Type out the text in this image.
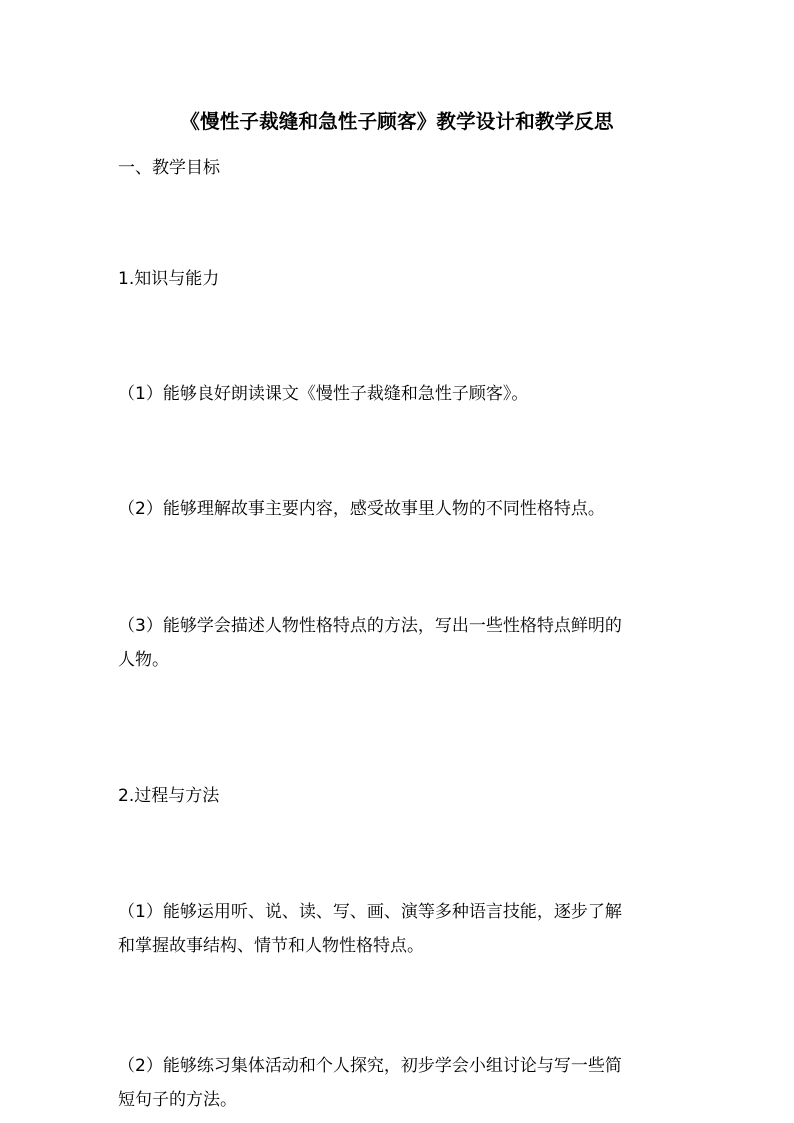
《慢性子裁缝和急性子顾客》教学设计和教学反思
一、教学目标
1.知识与能力
（1）能够良好朗读课文《慢性子裁缝和急性子顾客》。
（2）能够理解故事主要内容，感受故事里人物的不同性格特点。
（3）能够学会描述人物性格特点的方法，写出一些性格特点鲜明的
人物。
2.过程与方法
（1）能够运用听、说、读、写、画、演等多种语言技能，逐步了解
和掌握故事结构、情节和人物性格特点。
（2）能够练习集体活动和个人探究，初步学会小组讨论与写一些简
短句子的方法。
